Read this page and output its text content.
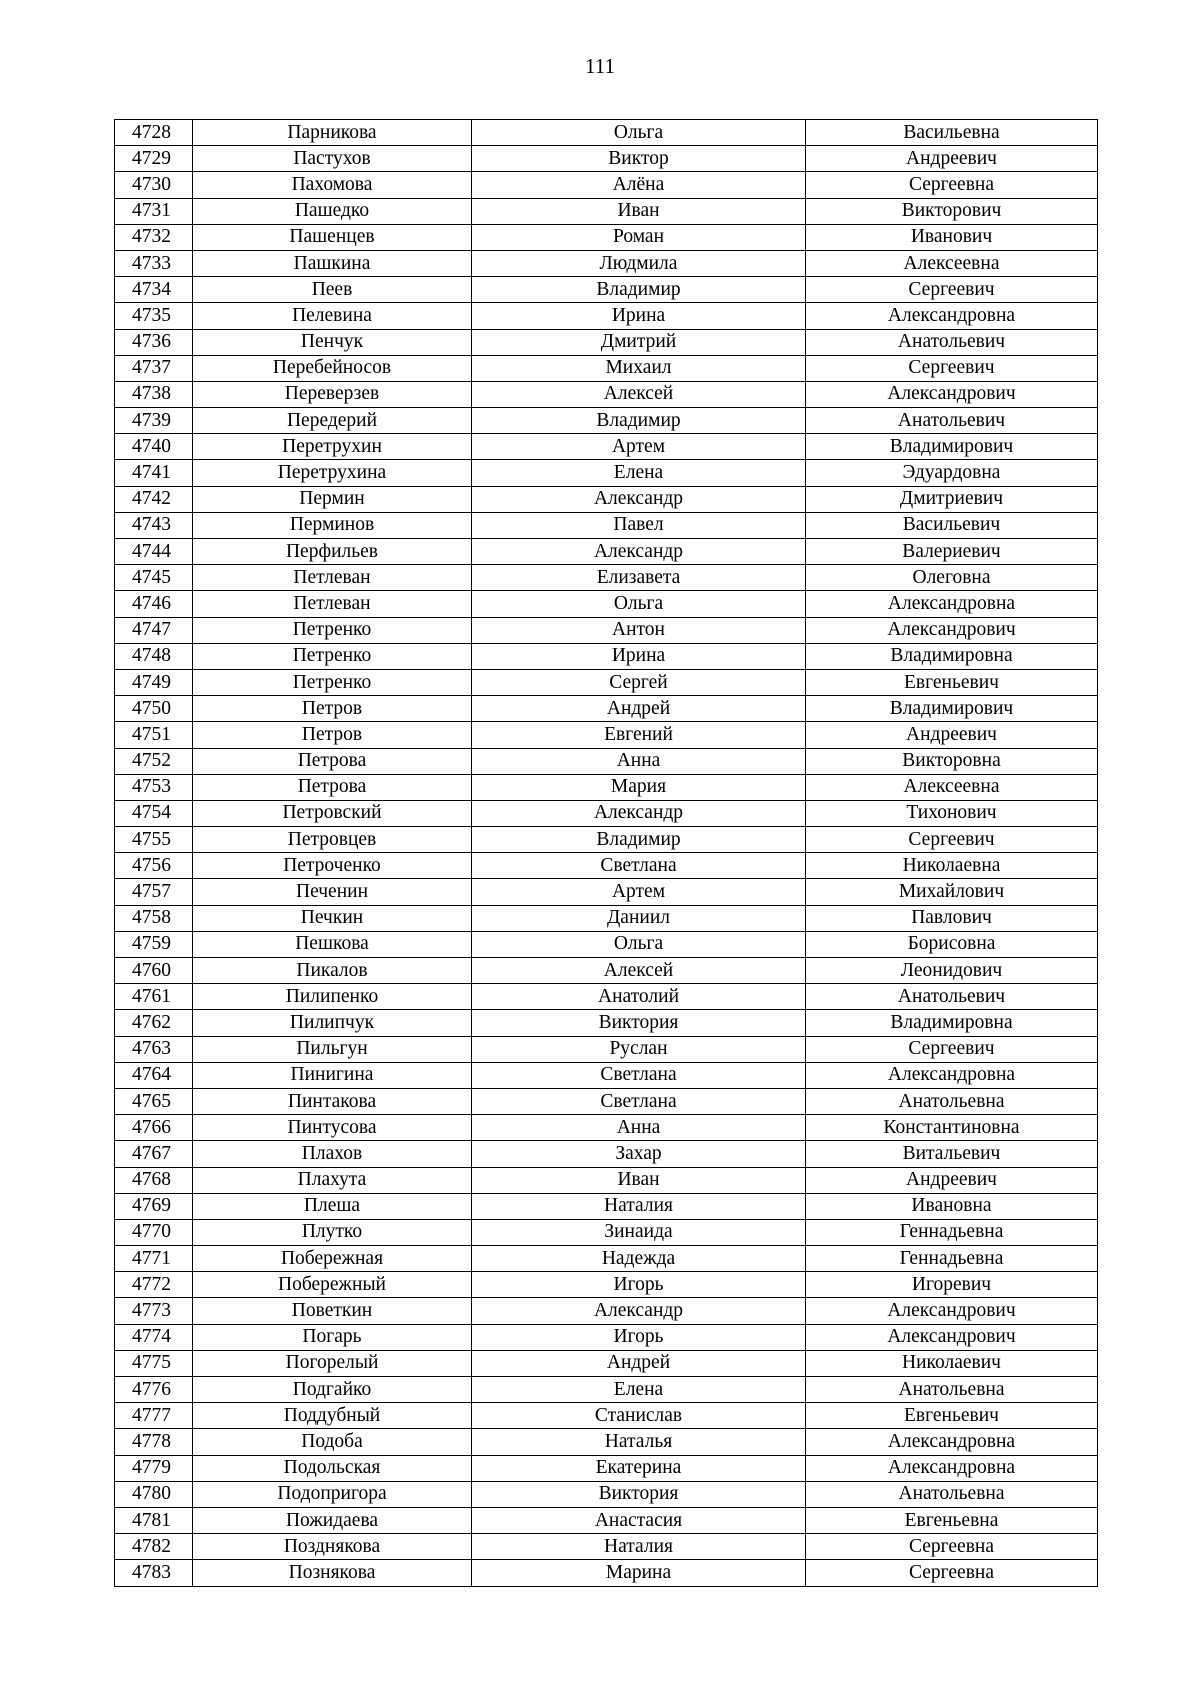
111
4728	Парникова	Ольга	Васильевна
4729	Пастухов	Виктор	Андреевич
4730	Пахомова	Алёна	Сергеевна
4731	Пашедко	Иван	Викторович
4732	Пашенцев	Роман	Иванович
4733	Пашкина	Людмила	Алексеевна
4734	Пеев	Владимир	Сергеевич
4735	Пелевина	Ирина	Александровна
4736	Пенчук	Дмитрий	Анатольевич
4737	Перебейносов	Михаил	Сергеевич
4738	Переверзев	Алексей	Александрович
4739	Передерий	Владимир	Анатольевич
4740	Перетрухин	Артем	Владимирович
4741	Перетрухина	Елена	Эдуардовна
4742	Пермин	Александр	Дмитриевич
4743	Перминов	Павел	Васильевич
4744	Перфильев	Александр	Валериевич
4745	Петлеван	Елизавета	Олеговна
4746	Петлеван	Ольга	Александровна
4747	Петренко	Антон	Александрович
4748	Петренко	Ирина	Владимировна
4749	Петренко	Сергей	Евгеньевич
4750	Петров	Андрей	Владимирович
4751	Петров	Евгений	Андреевич
4752	Петрова	Анна	Викторовна
4753	Петрова	Мария	Алексеевна
4754	Петровский	Александр	Тихонович
4755	Петровцев	Владимир	Сергеевич
4756	Петроченко	Светлана	Николаевна
4757	Печенин	Артем	Михайлович
4758	Печкин	Даниил	Павлович
4759	Пешкова	Ольга	Борисовна
4760	Пикалов	Алексей	Леонидович
4761	Пилипенко	Анатолий	Анатольевич
4762	Пилипчук	Виктория	Владимировна
4763	Пильгун	Руслан	Сергеевич
4764	Пинигина	Светлана	Александровна
4765	Пинтакова	Светлана	Анатольевна
4766	Пинтусова	Анна	Константиновна
4767	Плахов	Захар	Витальевич
4768	Плахута	Иван	Андреевич
4769	Плеша	Наталия	Ивановна
4770	Плутко	Зинаида	Геннадьевна
4771	Побережная	Надежда	Геннадьевна
4772	Побережный	Игорь	Игоревич
4773	Поветкин	Александр	Александрович
4774	Погарь	Игорь	Александрович
4775	Погорелый	Андрей	Николаевич
4776	Подгайко	Елена	Анатольевна
4777	Поддубный	Станислав	Евгеньевич
4778	Подоба	Наталья	Александровна
4779	Подольская	Екатерина	Александровна
4780	Подопригора	Виктория	Анатольевна
4781	Пожидаева	Анастасия	Евгеньевна
4782	Позднякова	Наталия	Сергеевна
4783	Познякова	Марина	Сергеевна
